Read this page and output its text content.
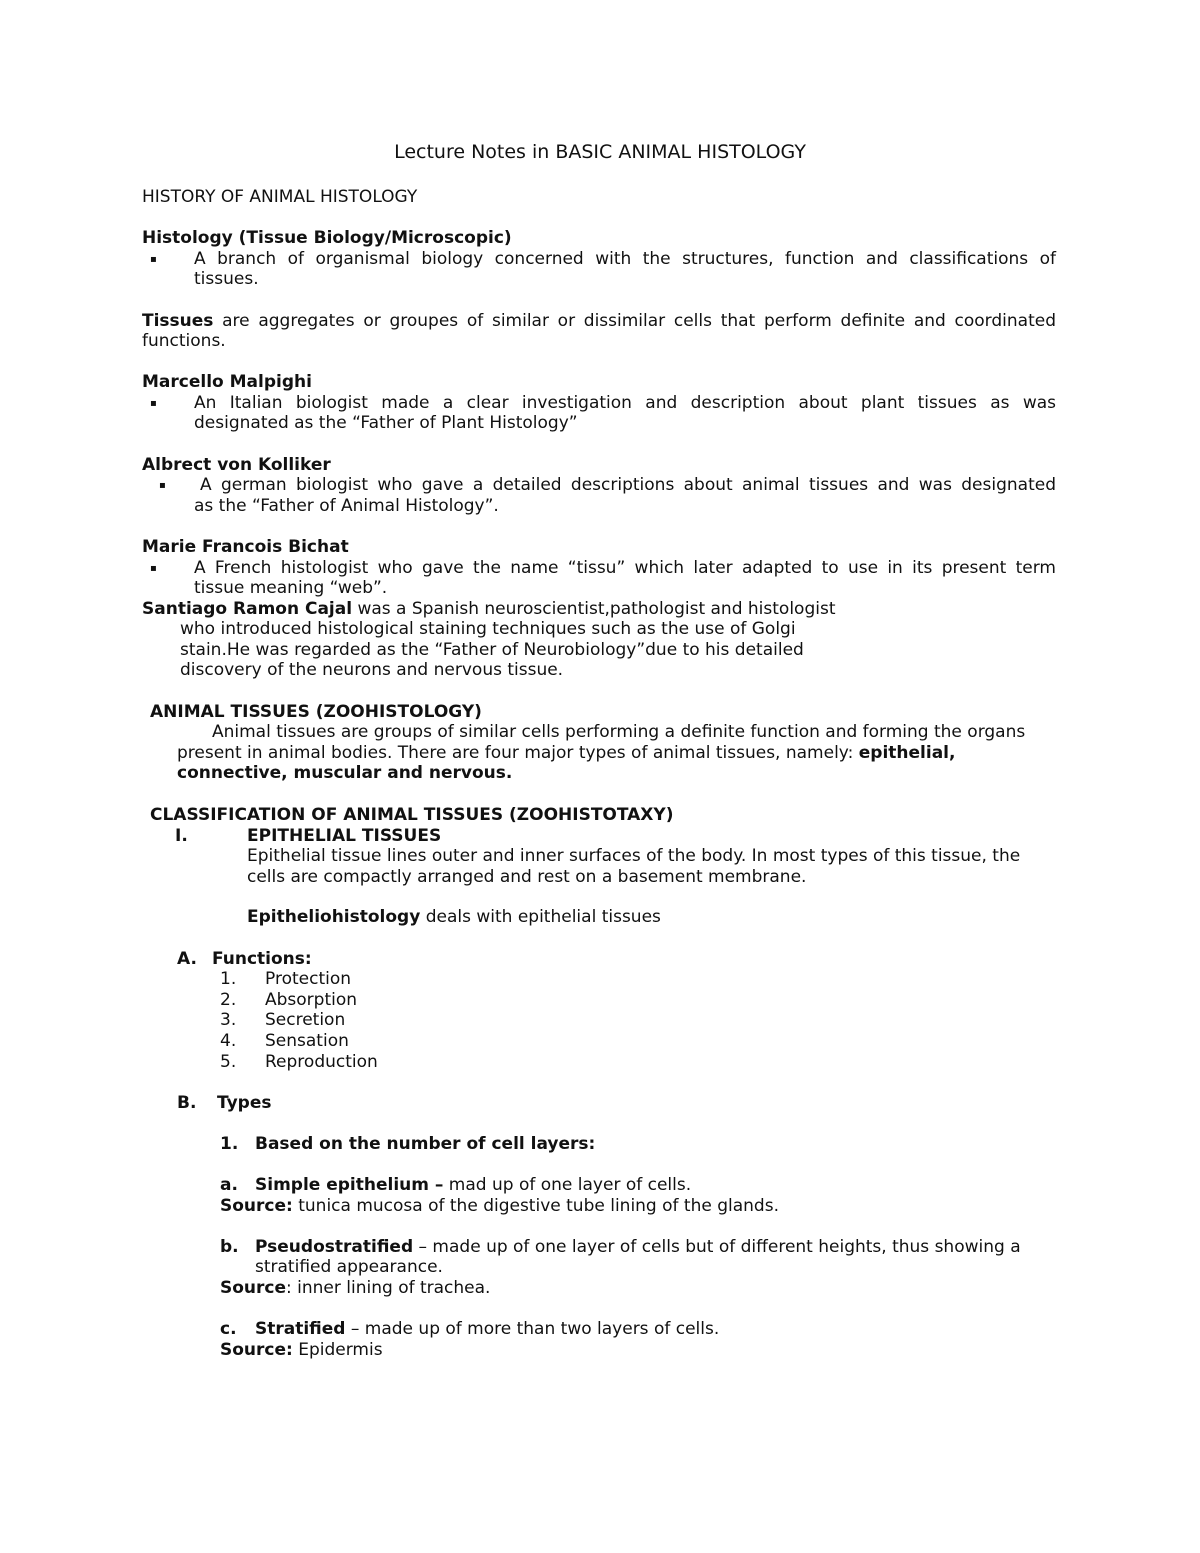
Lecture Notes in BASIC ANIMAL HISTOLOGY
HISTORY OF ANIMAL HISTOLOGY
Histology (Tissue Biology/Microscopic)
▪ A branch of organismal biology concerned with the structures, function and classifications of
tissues.
Tissues are aggregates or groupes of similar or dissimilar cells that perform definite and coordinated
functions.
Marcello Malpighi
▪ An Italian biologist made a clear investigation and description about plant tissues as was
designated as the “Father of Plant Histology”
Albrect von Kolliker
▪ A german biologist who gave a detailed descriptions about animal tissues and was designated
as the “Father of Animal Histology”.
Marie Francois Bichat
▪ A French histologist who gave the name “tissu” which later adapted to use in its present term
tissue meaning “web”.
Santiago Ramon Cajal was a Spanish neuroscientist,pathologist and histologist
who introduced histological staining techniques such as the use of Golgi
stain.He was regarded as the “Father of Neurobiology”due to his detailed
discovery of the neurons and nervous tissue.
ANIMAL TISSUES (ZOOHISTOLOGY)
Animal tissues are groups of similar cells performing a definite function and forming the organs
present in animal bodies. There are four major types of animal tissues, namely: epithelial,
connective, muscular and nervous.
CLASSIFICATION OF ANIMAL TISSUES (ZOOHISTOTAXY)
I.	EPITHELIAL TISSUES
Epithelial tissue lines outer and inner surfaces of the body. In most types of this tissue, the
cells are compactly arranged and rest on a basement membrane.
Epitheliohistology deals with epithelial tissues
A. Functions:
1. Protection
2. Absorption
3. Secretion
4. Sensation
5. Reproduction
B. Types
1. Based on the number of cell layers:
a. Simple epithelium – mad up of one layer of cells.
Source: tunica mucosa of the digestive tube lining of the glands.
b. Pseudostratified – made up of one layer of cells but of different heights, thus showing a
stratified appearance.
Source: inner lining of trachea.
c. Stratified – made up of more than two layers of cells.
Source: Epidermis
